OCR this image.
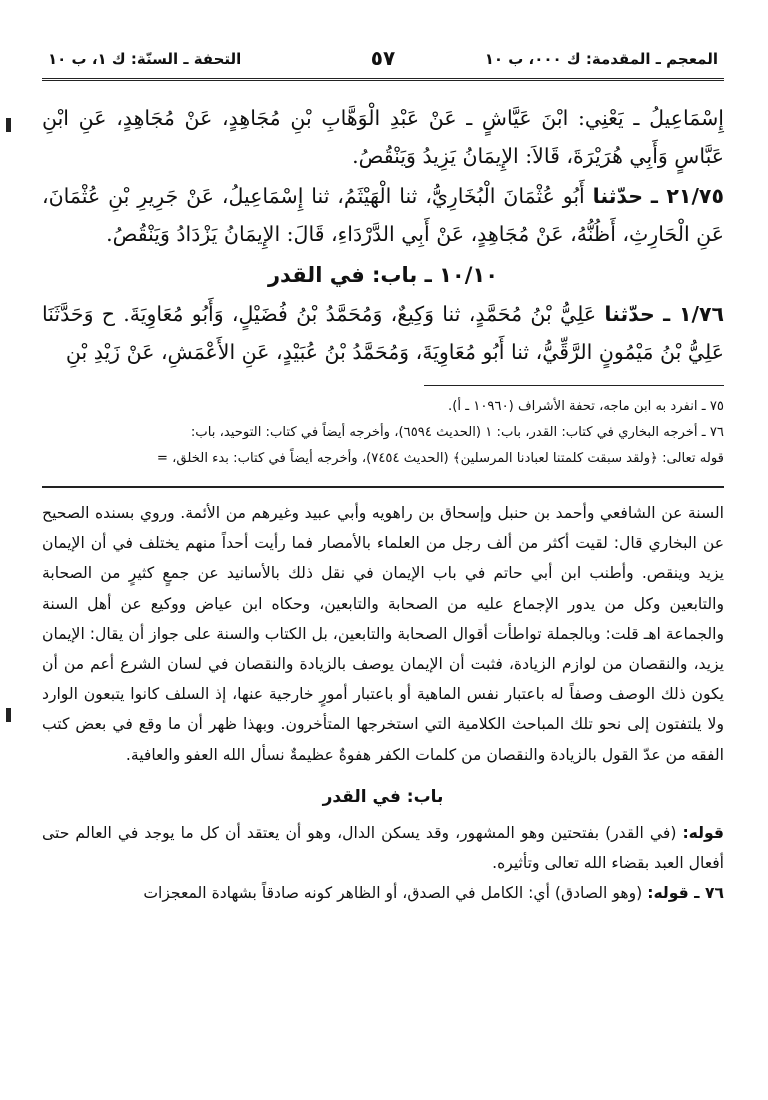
المعجم ـ المقدمة: ك ٠٠٠، ب ١٠
٥٧
التحفة ـ السنّة: ك ١، ب ١٠

إِسْمَاعِيلُ ـ يَعْنِي: ابْنَ عَيَّاشٍ ـ عَنْ عَبْدِ الْوَهَّابِ بْنِ مُجَاهِدٍ، عَنْ مُجَاهِدٍ، عَنِ ابْنِ عَبَّاسٍ وَأَبِي هُرَيْرَةَ، قَالاَ: الإِيمَانُ يَزِيدُ وَيَنْقُصُ.

٢١/٧٥ ـ حدّثنا أَبُو عُثْمَانَ الْبُخَارِيُّ، ثنا الْهَيْثَمُ، ثنا إِسْمَاعِيلُ، عَنْ جَرِيرِ بْنِ عُثْمَانَ، عَنِ الْحَارِثِ، أَظُنُّهُ، عَنْ مُجَاهِدٍ، عَنْ أَبِي الدَّرْدَاءِ، قَالَ: الإِيمَانُ يَزْدَادُ وَيَنْقُصُ.

١٠/١٠ ـ باب: في القدر

١/٧٦ ـ حدّثنا عَلِيُّ بْنُ مُحَمَّدٍ، ثنا وَكِيعٌ، وَمُحَمَّدُ بْنُ فُضَيْلٍ، وَأَبُو مُعَاوِيَةَ. ح وَحَدَّثَنَا عَلِيُّ بْنُ مَيْمُونٍ الرَّقِّيُّ، ثنا أَبُو مُعَاوِيَةَ، وَمُحَمَّدُ بْنُ عُبَيْدٍ، عَنِ الأَعْمَشِ، عَنْ زَيْدِ بْنِ

٧٥ ـ انفرد به ابن ماجه، تحفة الأشراف (١٠٩٦٠ ـ أ).

٧٦ ـ أخرجه البخاري في كتاب: القدر، باب: ١ (الحديث ٦٥٩٤)، وأخرجه أيضاً في كتاب: التوحيد، باب:

قوله تعالى: ﴿ولقد سبقت كلمتنا لعبادنا المرسلين﴾ (الحديث ٧٤٥٤)، وأخرجه أيضاً في كتاب: بدء الخلق، =

السنة عن الشافعي وأحمد بن حنبل وإسحاق بن راهويه وأبي عبيد وغيرهم من الأئمة. وروي بسنده الصحيح عن البخاري قال: لقيت أكثر من ألف رجل من العلماء بالأمصار فما رأيت أحداً منهم يختلف في أن الإيمان يزيد وينقص. وأطنب ابن أبي حاتم في باب الإيمان في نقل ذلك بالأسانيد عن جمعٍ كثيرٍ من الصحابة والتابعين وكل من يدور الإجماع عليه من الصحابة والتابعين، وحكاه ابن عياض ووكيع عن أهل السنة والجماعة اهـ قلت: وبالجملة تواطأت أقوال الصحابة والتابعين، بل الكتاب والسنة على جواز أن يقال: الإيمان يزيد، والنقصان من لوازم الزيادة، فثبت أن الإيمان يوصف بالزيادة والنقصان في لسان الشرع أعم من أن يكون ذلك الوصف وصفاً له باعتبار نفس الماهية أو باعتبار أمورٍ خارجية عنها، إذ السلف كانوا يتبعون الوارد ولا يلتفتون إلى نحو تلك المباحث الكلامية التي استخرجها المتأخرون. وبهذا ظهر أن ما وقع في بعض كتب الفقه من عدّ القول بالزيادة والنقصان من كلمات الكفر هفوةٌ عظيمةٌ نسأل الله العفو والعافية.

باب: في القدر

قوله: (في القدر) بفتحتين وهو المشهور، وقد يسكن الدال، وهو أن يعتقد أن كل ما يوجد في العالم حتى أفعال العبد بقضاء الله تعالى وتأثيره.

٧٦ ـ قوله: (وهو الصادق) أي: الكامل في الصدق، أو الظاهر كونه صادقاً بشهادة المعجزات
